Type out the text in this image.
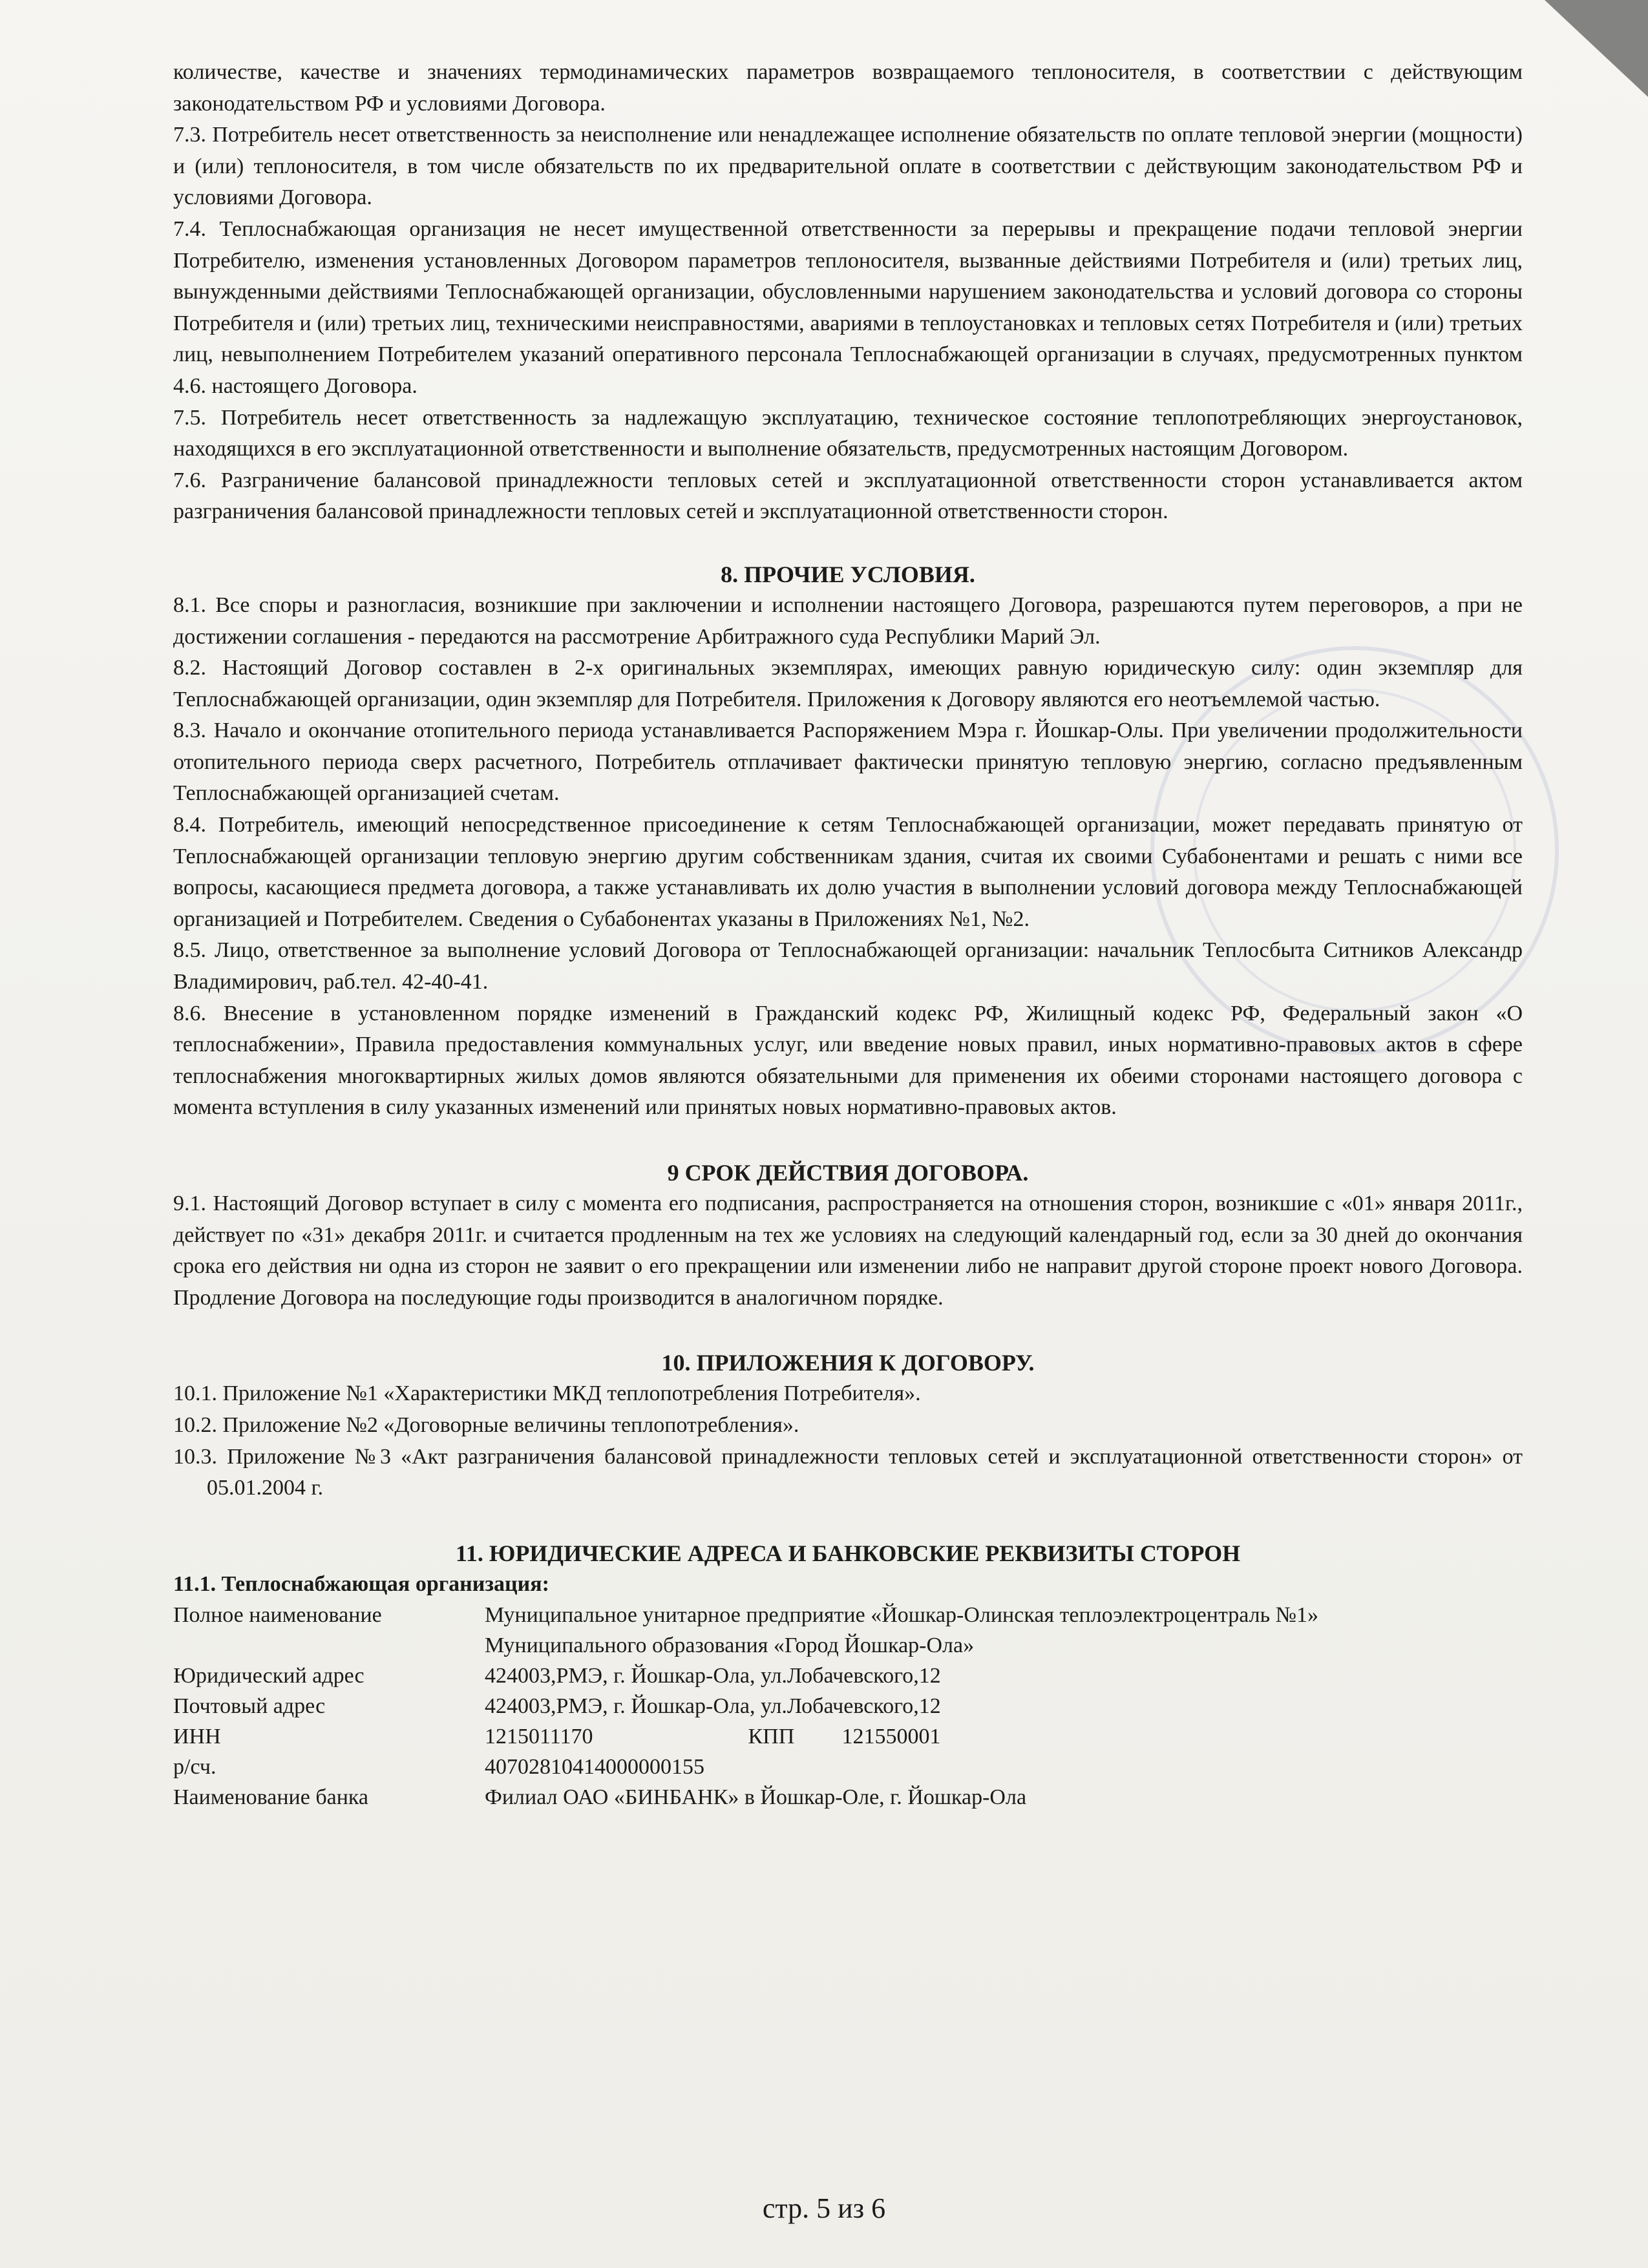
количестве, качестве и значениях термодинамических параметров возвращаемого теплоносителя, в соответствии с действующим законодательством РФ и условиями Договора.

7.3. Потребитель несет ответственность за неисполнение или ненадлежащее исполнение обязательств по оплате тепловой энергии (мощности) и (или) теплоносителя, в том числе обязательств по их предварительной оплате в соответствии с действующим законодательством РФ и условиями Договора.

7.4. Теплоснабжающая организация не несет имущественной ответственности за перерывы и прекращение подачи тепловой энергии Потребителю, изменения установленных Договором параметров теплоносителя, вызванные действиями Потребителя и (или) третьих лиц, вынужденными действиями Теплоснабжающей организации, обусловленными нарушением законодательства и условий договора со стороны Потребителя и (или) третьих лиц, техническими неисправностями, авариями в теплоустановках и тепловых сетях Потребителя и (или) третьих лиц, невыполнением Потребителем указаний оперативного персонала Теплоснабжающей организации в случаях, предусмотренных пунктом 4.6. настоящего Договора.

7.5. Потребитель несет ответственность за надлежащую эксплуатацию, техническое состояние теплопотребляющих энергоустановок, находящихся в его эксплуатационной ответственности и выполнение обязательств, предусмотренных настоящим Договором.

7.6. Разграничение балансовой принадлежности тепловых сетей и эксплуатационной ответственности сторон устанавливается актом разграничения балансовой принадлежности тепловых сетей и эксплуатационной ответственности сторон.

8. ПРОЧИЕ УСЛОВИЯ.

8.1. Все споры и разногласия, возникшие при заключении и исполнении настоящего Договора, разрешаются путем переговоров, а при не достижении соглашения - передаются на рассмотрение Арбитражного суда Республики Марий Эл.

8.2. Настоящий Договор составлен в 2-х оригинальных экземплярах, имеющих равную юридическую силу: один экземпляр для Теплоснабжающей организации, один экземпляр для Потребителя. Приложения к Договору являются его неотъемлемой частью.

8.3. Начало и окончание отопительного периода устанавливается Распоряжением Мэра г. Йошкар-Олы. При увеличении продолжительности отопительного периода сверх расчетного, Потребитель отплачивает фактически принятую тепловую энергию, согласно предъявленным Теплоснабжающей организацией счетам.

8.4. Потребитель, имеющий непосредственное присоединение к сетям Теплоснабжающей организации, может передавать принятую от Теплоснабжающей организации тепловую энергию другим собственникам здания, считая их своими Субабонентами и решать с ними все вопросы, касающиеся предмета договора, а также устанавливать их долю участия в выполнении условий договора между Теплоснабжающей организацией и Потребителем. Сведения о Субабонентах указаны в Приложениях №1, №2.

8.5. Лицо, ответственное за выполнение условий Договора от Теплоснабжающей организации: начальник Теплосбыта Ситников Александр Владимирович, раб.тел. 42-40-41.

8.6. Внесение в установленном порядке изменений в Гражданский кодекс РФ, Жилищный кодекс РФ, Федеральный закон «О теплоснабжении», Правила предоставления коммунальных услуг, или введение новых правил, иных нормативно-правовых актов в сфере теплоснабжения многоквартирных жилых домов являются обязательными для применения их обеими сторонами настоящего договора с момента вступления в силу указанных изменений или принятых новых нормативно-правовых актов.

9 СРОК ДЕЙСТВИЯ ДОГОВОРА.

9.1. Настоящий Договор вступает в силу с момента его подписания, распространяется на отношения сторон, возникшие с «01» января 2011г., действует по «31» декабря 2011г. и считается продленным на тех же условиях на следующий календарный год, если за 30 дней до окончания срока его действия ни одна из сторон не заявит о его прекращении или изменении либо не направит другой стороне проект нового Договора. Продление Договора на последующие годы производится в аналогичном порядке.

10. ПРИЛОЖЕНИЯ К ДОГОВОРУ.
10.1. Приложение №1 «Характеристики МКД теплопотребления Потребителя».
10.2. Приложение №2 «Договорные величины теплопотребления».
10.3. Приложение №3 «Акт разграничения балансовой принадлежности тепловых сетей и эксплуатационной ответственности сторон» от 05.01.2004 г.
11. ЮРИДИЧЕСКИЕ АДРЕСА И БАНКОВСКИЕ РЕКВИЗИТЫ СТОРОН
11.1. Теплоснабжающая организация:
Полное наименование	Муниципальное унитарное предприятие «Йошкар-Олинская теплоэлектроцентраль №1»
	Муниципального образования «Город Йошкар-Ола»
Юридический адрес	424003,РМЭ, г. Йошкар-Ола, ул.Лобачевского,12
Почтовый адрес	424003,РМЭ, г. Йошкар-Ола, ул.Лобачевского,12
ИНН	1215011170 КПП 121550001
р/сч.	40702810414000000155
Наименование банка	Филиал ОАО «БИНБАНК» в Йошкар-Оле, г. Йошкар-Ола
стр. 5 из 6
